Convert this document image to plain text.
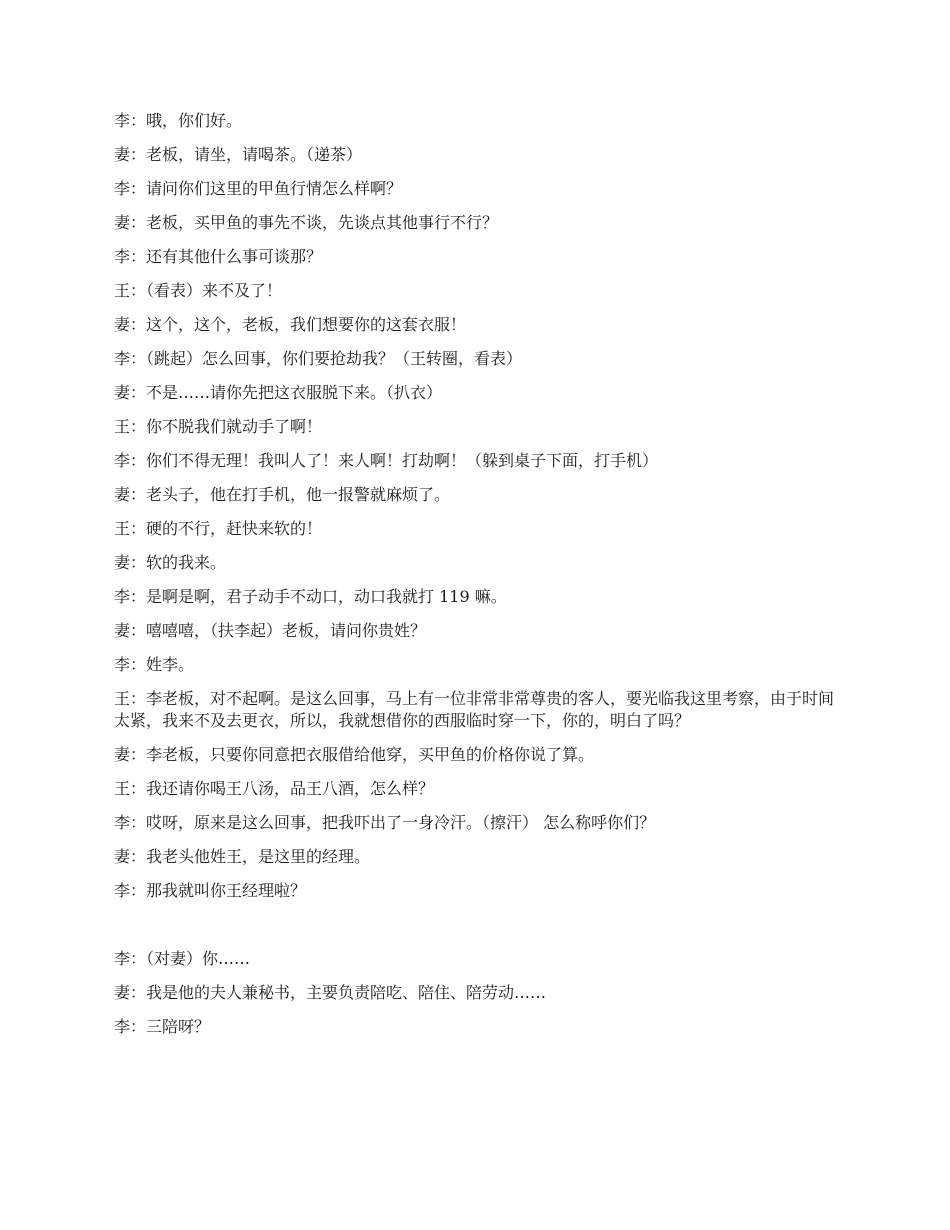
李：哦，你们好。

妻：老板，请坐，请喝茶。（递茶）

李：请问你们这里的甲鱼行情怎么样啊？

妻：老板，买甲鱼的事先不谈，先谈点其他事行不行？

李：还有其他什么事可谈那？

王：（看表）来不及了！

妻：这个，这个，老板，我们想要你的这套衣服！

李：（跳起）怎么回事，你们要抢劫我？（王转圈，看表）

妻：不是……请你先把这衣服脱下来。（扒衣）

王：你不脱我们就动手了啊！

李：你们不得无理！我叫人了！来人啊！打劫啊！（躲到桌子下面，打手机）

妻：老头子，他在打手机，他一报警就麻烦了。

王：硬的不行，赶快来软的！

妻：软的我来。

李：是啊是啊，君子动手不动口，动口我就打 119 嘛。

妻：嘻嘻嘻，（扶李起）老板，请问你贵姓？

李：姓李。

王：李老板，对不起啊。是这么回事，马上有一位非常非常尊贵的客人，要光临我这里考察，由于时间太紧，我来不及去更衣，所以，我就想借你的西服临时穿一下，你的，明白了吗？

妻：李老板，只要你同意把衣服借给他穿，买甲鱼的价格你说了算。

王：我还请你喝王八汤，品王八酒，怎么样？

李：哎呀，原来是这么回事，把我吓出了一身冷汗。（擦汗） 怎么称呼你们？

妻：我老头他姓王，是这里的经理。

李：那我就叫你王经理啦？

李：（对妻）你……

妻：我是他的夫人兼秘书，主要负责陪吃、陪住、陪劳动……

李：三陪呀？
